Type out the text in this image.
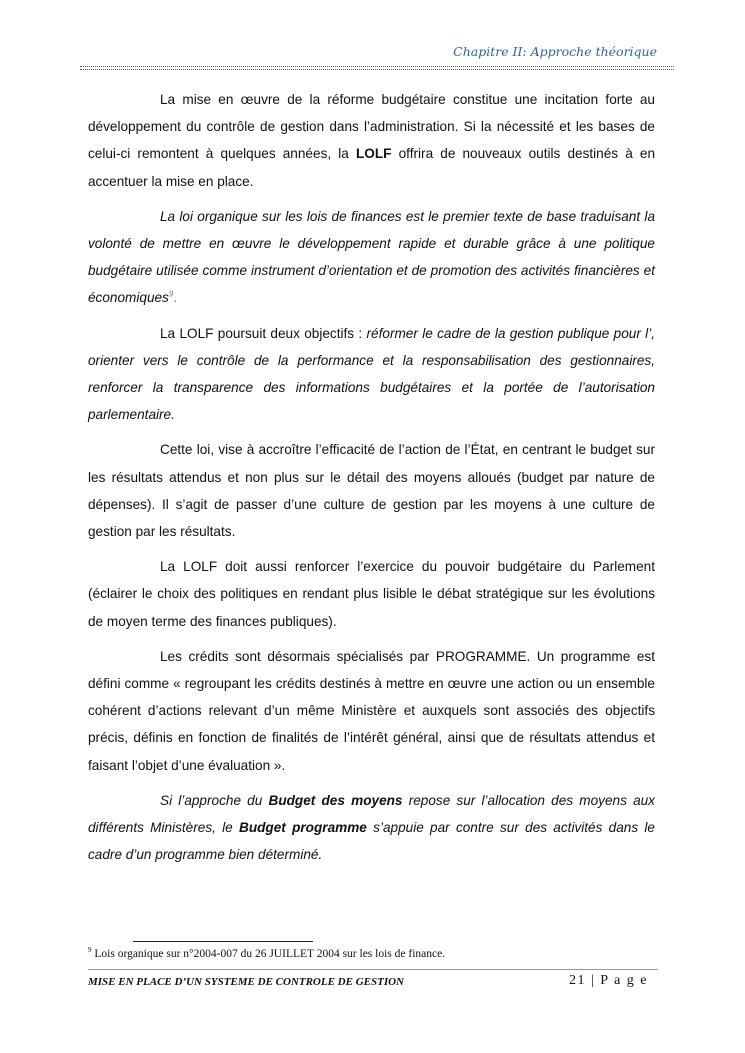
Chapitre II: Approche théorique

La mise en œuvre de la réforme budgétaire constitue une incitation forte au développement du contrôle de gestion dans l’administration. Si la nécessité et les bases de celui-ci remontent à quelques années, la LOLF offrira de nouveaux outils destinés à en accentuer la mise en place.

La loi organique sur les lois de finances est le premier texte de base traduisant la volonté de mettre en œuvre le développement rapide et durable grâce à une politique budgétaire utilisée comme instrument d’orientation et de promotion des activités financières et économiques$^9$.

La LOLF poursuit deux objectifs : réformer le cadre de la gestion publique pour l’, orienter vers le contrôle de la performance et la responsabilisation des gestionnaires, renforcer la transparence des informations budgétaires et la portée de l’autorisation parlementaire.

Cette loi, vise à accroître l’efficacité de l’action de l’État, en centrant le budget sur les résultats attendus et non plus sur le détail des moyens alloués (budget par nature de dépenses). Il s’agit de passer d’une culture de gestion par les moyens à une culture de gestion par les résultats.

La LOLF doit aussi renforcer l’exercice du pouvoir budgétaire du Parlement (éclairer le choix des politiques en rendant plus lisible le débat stratégique sur les évolutions de moyen terme des finances publiques).

Les crédits sont désormais spécialisés par PROGRAMME. Un programme est défini comme « regroupant les crédits destinés à mettre en œuvre une action ou un ensemble cohérent d’actions relevant d’un même Ministère et auxquels sont associés des objectifs précis, définis en fonction de finalités de l’intérêt général, ainsi que de résultats attendus et faisant l’objet d’une évaluation ».

Si l’approche du Budget des moyens repose sur l’allocation des moyens aux différents Ministères, le Budget programme s’appuie par contre sur des activités dans le cadre d’un programme bien déterminé.

$^9$ Lois organique sur n°2004-007 du 26 JUILLET 2004 sur les lois de finance.
MISE EN PLACE D’UN SYSTEME DE CONTROLE DE GESTION	21 | P a g e
